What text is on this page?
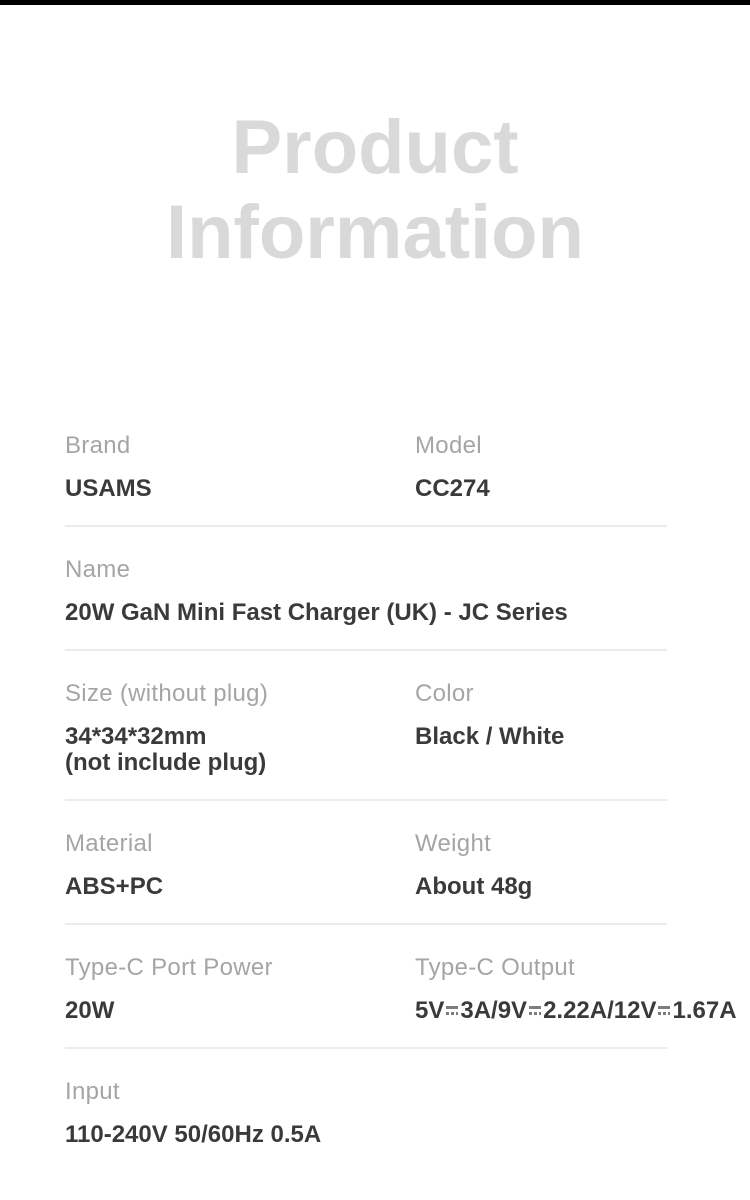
Product
Information
Brand
USAMS
Model
CC274
Name
20W GaN Mini Fast Charger (UK) - JC Series
Size (without plug)
34*34*32mm
(not include plug)
Color
Black / White
Material
ABS+PC
Weight
About 48g
Type-C Port Power
20W
Type-C Output
5V 3A/9V 2.22A/12V 1.67A
Input
110-240V 50/60Hz 0.5A
